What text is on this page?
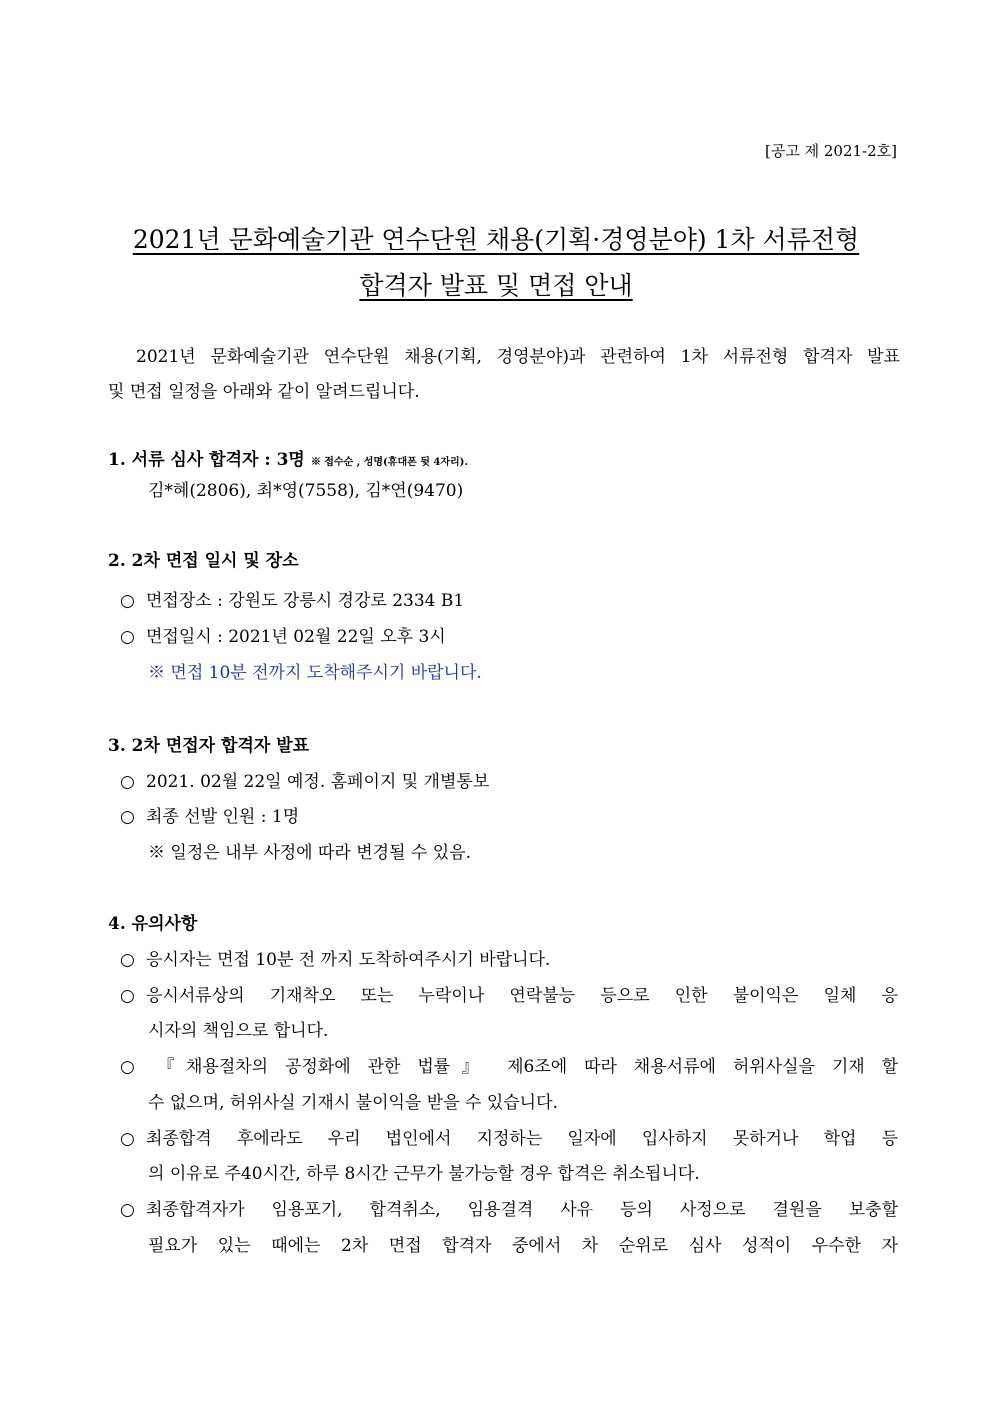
[공고 제 2021-2호]
2021년 문화예술기관 연수단원 채용(기획·경영분야) 1차 서류전형
합격자 발표 및 면접 안내
2021년 문화예술기관 연수단원 채용(기획, 경영분야)과 관련하여 1차 서류전형 합격자 발표
및 면접 일정을 아래와 같이 알려드립니다.
1. 서류 심사 합격자 : 3명 ※ 접수순 , 성명(휴대폰 뒷 4자리).
김*혜(2806), 최*영(7558), 김*연(9470)
2. 2차 면접 일시 및 장소
○ 면접장소 : 강원도 강릉시 경강로 2334 B1
○ 면접일시 : 2021년 02월 22일 오후 3시
※ 면접 10분 전까지 도착해주시기 바랍니다.
3. 2차 면접자 합격자 발표
○ 2021. 02월 22일 예정. 홈페이지 및 개별통보
○ 최종 선발 인원 : 1명
※ 일정은 내부 사정에 따라 변경될 수 있음.
4. 유의사항
○ 응시자는 면접 10분 전 까지 도착하여주시기 바랍니다.
○ 응시서류상의 기재착오 또는 누락이나 연락불능 등으로 인한 불이익은 일체 응
시자의 책임으로 합니다.
○ 『채용절차의 공정화에 관한 법률』 제6조에 따라 채용서류에 허위사실을 기재 할
수 없으며, 허위사실 기재시 불이익을 받을 수 있습니다.
○ 최종합격 후에라도 우리 법인에서 지정하는 일자에 입사하지 못하거나 학업 등
의 이유로 주40시간, 하루 8시간 근무가 불가능할 경우 합격은 취소됩니다.
○ 최종합격자가 임용포기, 합격취소, 임용결격 사유 등의 사정으로 결원을 보충할
필요가 있는 때에는 2차 면접 합격자 중에서 차 순위로 심사 성적이 우수한 자
